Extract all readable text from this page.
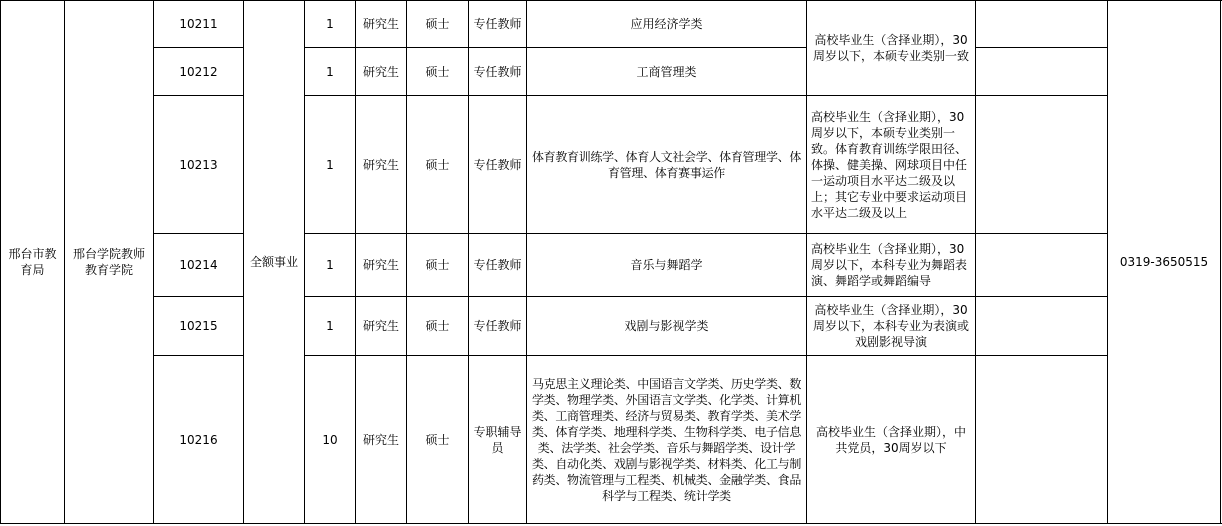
邢台市教育局	邢台学院教师教育学院	10211	全额事业	1	研究生	硕士	专任教师	应用经济学类	高校毕业生（含择业期），30周岁以下，本硕专业类别一致		0319-3650515	
		10212		1	研究生	硕士	专任教师	工商管理类				
		10213		1	研究生	硕士	专任教师	体育教育训练学、体育人文社会学、体育管理学、体育管理、体育赛事运作	高校毕业生（含择业期），30周岁以下，本硕专业类别一致。体育教育训练学限田径、体操、健美操、网球项目中任一运动项目水平达二级及以上；其它专业中要求运动项目水平达二级及以上			
		10214		1	研究生	硕士	专任教师	音乐与舞蹈学	高校毕业生（含择业期），30周岁以下，本科专业为舞蹈表演、舞蹈学或舞蹈编导			
		10215		1	研究生	硕士	专任教师	戏剧与影视学类	高校毕业生（含择业期），30周岁以下，本科专业为表演或戏剧影视导演			
		10216		10	研究生	硕士	专职辅导员	马克思主义理论类、中国语言文学类、历史学类、数学类、物理学类、外国语言文学类、化学类、计算机类、工商管理类、经济与贸易类、教育学类、美术学类、体育学类、地理科学类、生物科学类、电子信息类、法学类、社会学类、音乐与舞蹈学类、设计学类、自动化类、戏剧与影视学类、材料类、化工与制药类、物流管理与工程类、机械类、金融学类、食品科学与工程类、统计学类	高校毕业生（含择业期），中共党员，30周岁以下			
